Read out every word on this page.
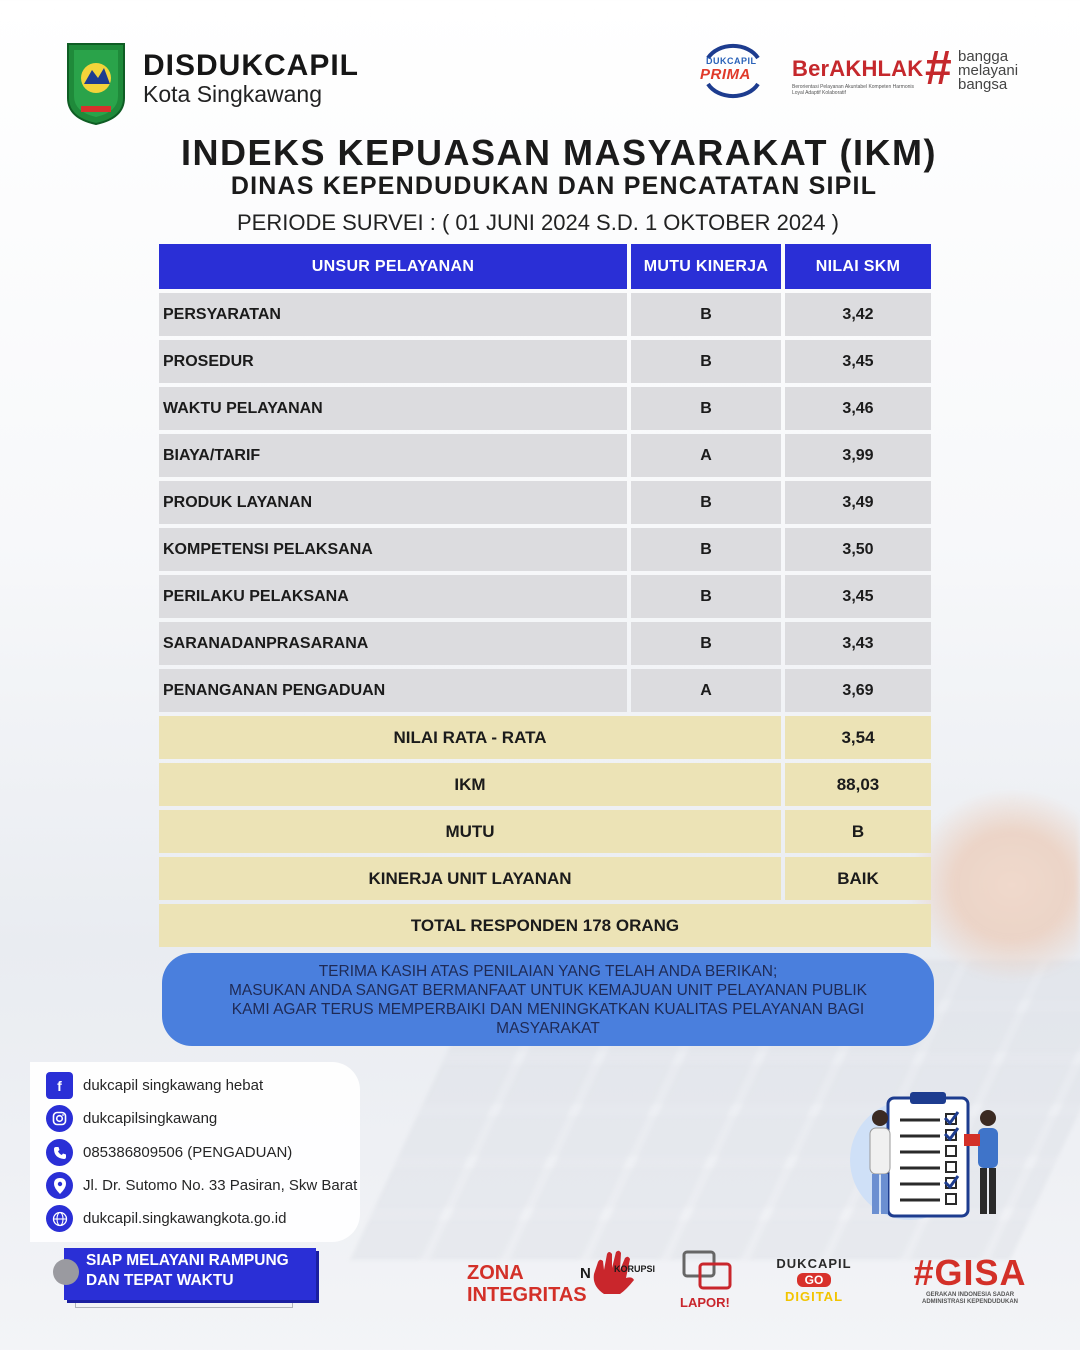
DISDUKCAPIL
Kota Singkawang
DUKCAPIL
PRIMA BerAKHLAK
Berorientasi Pelayanan Akuntabel Kompeten Harmonis Loyal Adaptif Kolaboratif	# bangga
melayani
bangsa
INDEKS KEPUASAN MASYARAKAT (IKM)
DINAS KEPENDUDUKAN DAN PENCATATAN SIPIL
PERIODE SURVEI : ( 01 JUNI 2024 S.D. 1 OKTOBER 2024 )
UNSUR PELAYANAN	MUTU KINERJA	NILAI SKM
PERSYARATAN	B	3,42
PROSEDUR	B	3,45
WAKTU PELAYANAN	B	3,46
BIAYA/TARIF	A	3,99
PRODUK LAYANAN	B	3,49
KOMPETENSI PELAKSANA	B	3,50
PERILAKU PELAKSANA	B	3,45
SARANADANPRASARANA	B	3,43
PENANGANAN PENGADUAN	A	3,69
NILAI RATA - RATA	3,54
IKM	88,03
MUTU	B
KINERJA UNIT LAYANAN	BAIK
TOTAL RESPONDEN 178 ORANG
TERIMA KASIH ATAS PENILAIAN YANG TELAH ANDA BERIKAN;
MASUKAN ANDA SANGAT BERMANFAAT UNTUK KEMAJUAN UNIT PELAYANAN PUBLIK
KAMI AGAR TERUS MEMPERBAIKI DAN MENINGKATKAN KUALITAS PELAYANAN BAGI
MASYARAKAT
f	dukcapil singkawang hebat
dukcapilsingkawang
085386809506 (PENGADUAN)
Jl. Dr. Sutomo No. 33 Pasiran, Skw Barat
dukcapil.singkawangkota.go.id
SIAP MELAYANI RAMPUNG
DAN TEPAT WAKTU	ZONA
INTEGRITAS
N	KORUPSI
LAPOR!
DUKCAPIL
GO
DIGITAL
#GISA
GERAKAN INDONESIA SADAR
ADMINISTRASI KEPENDUDUKAN
